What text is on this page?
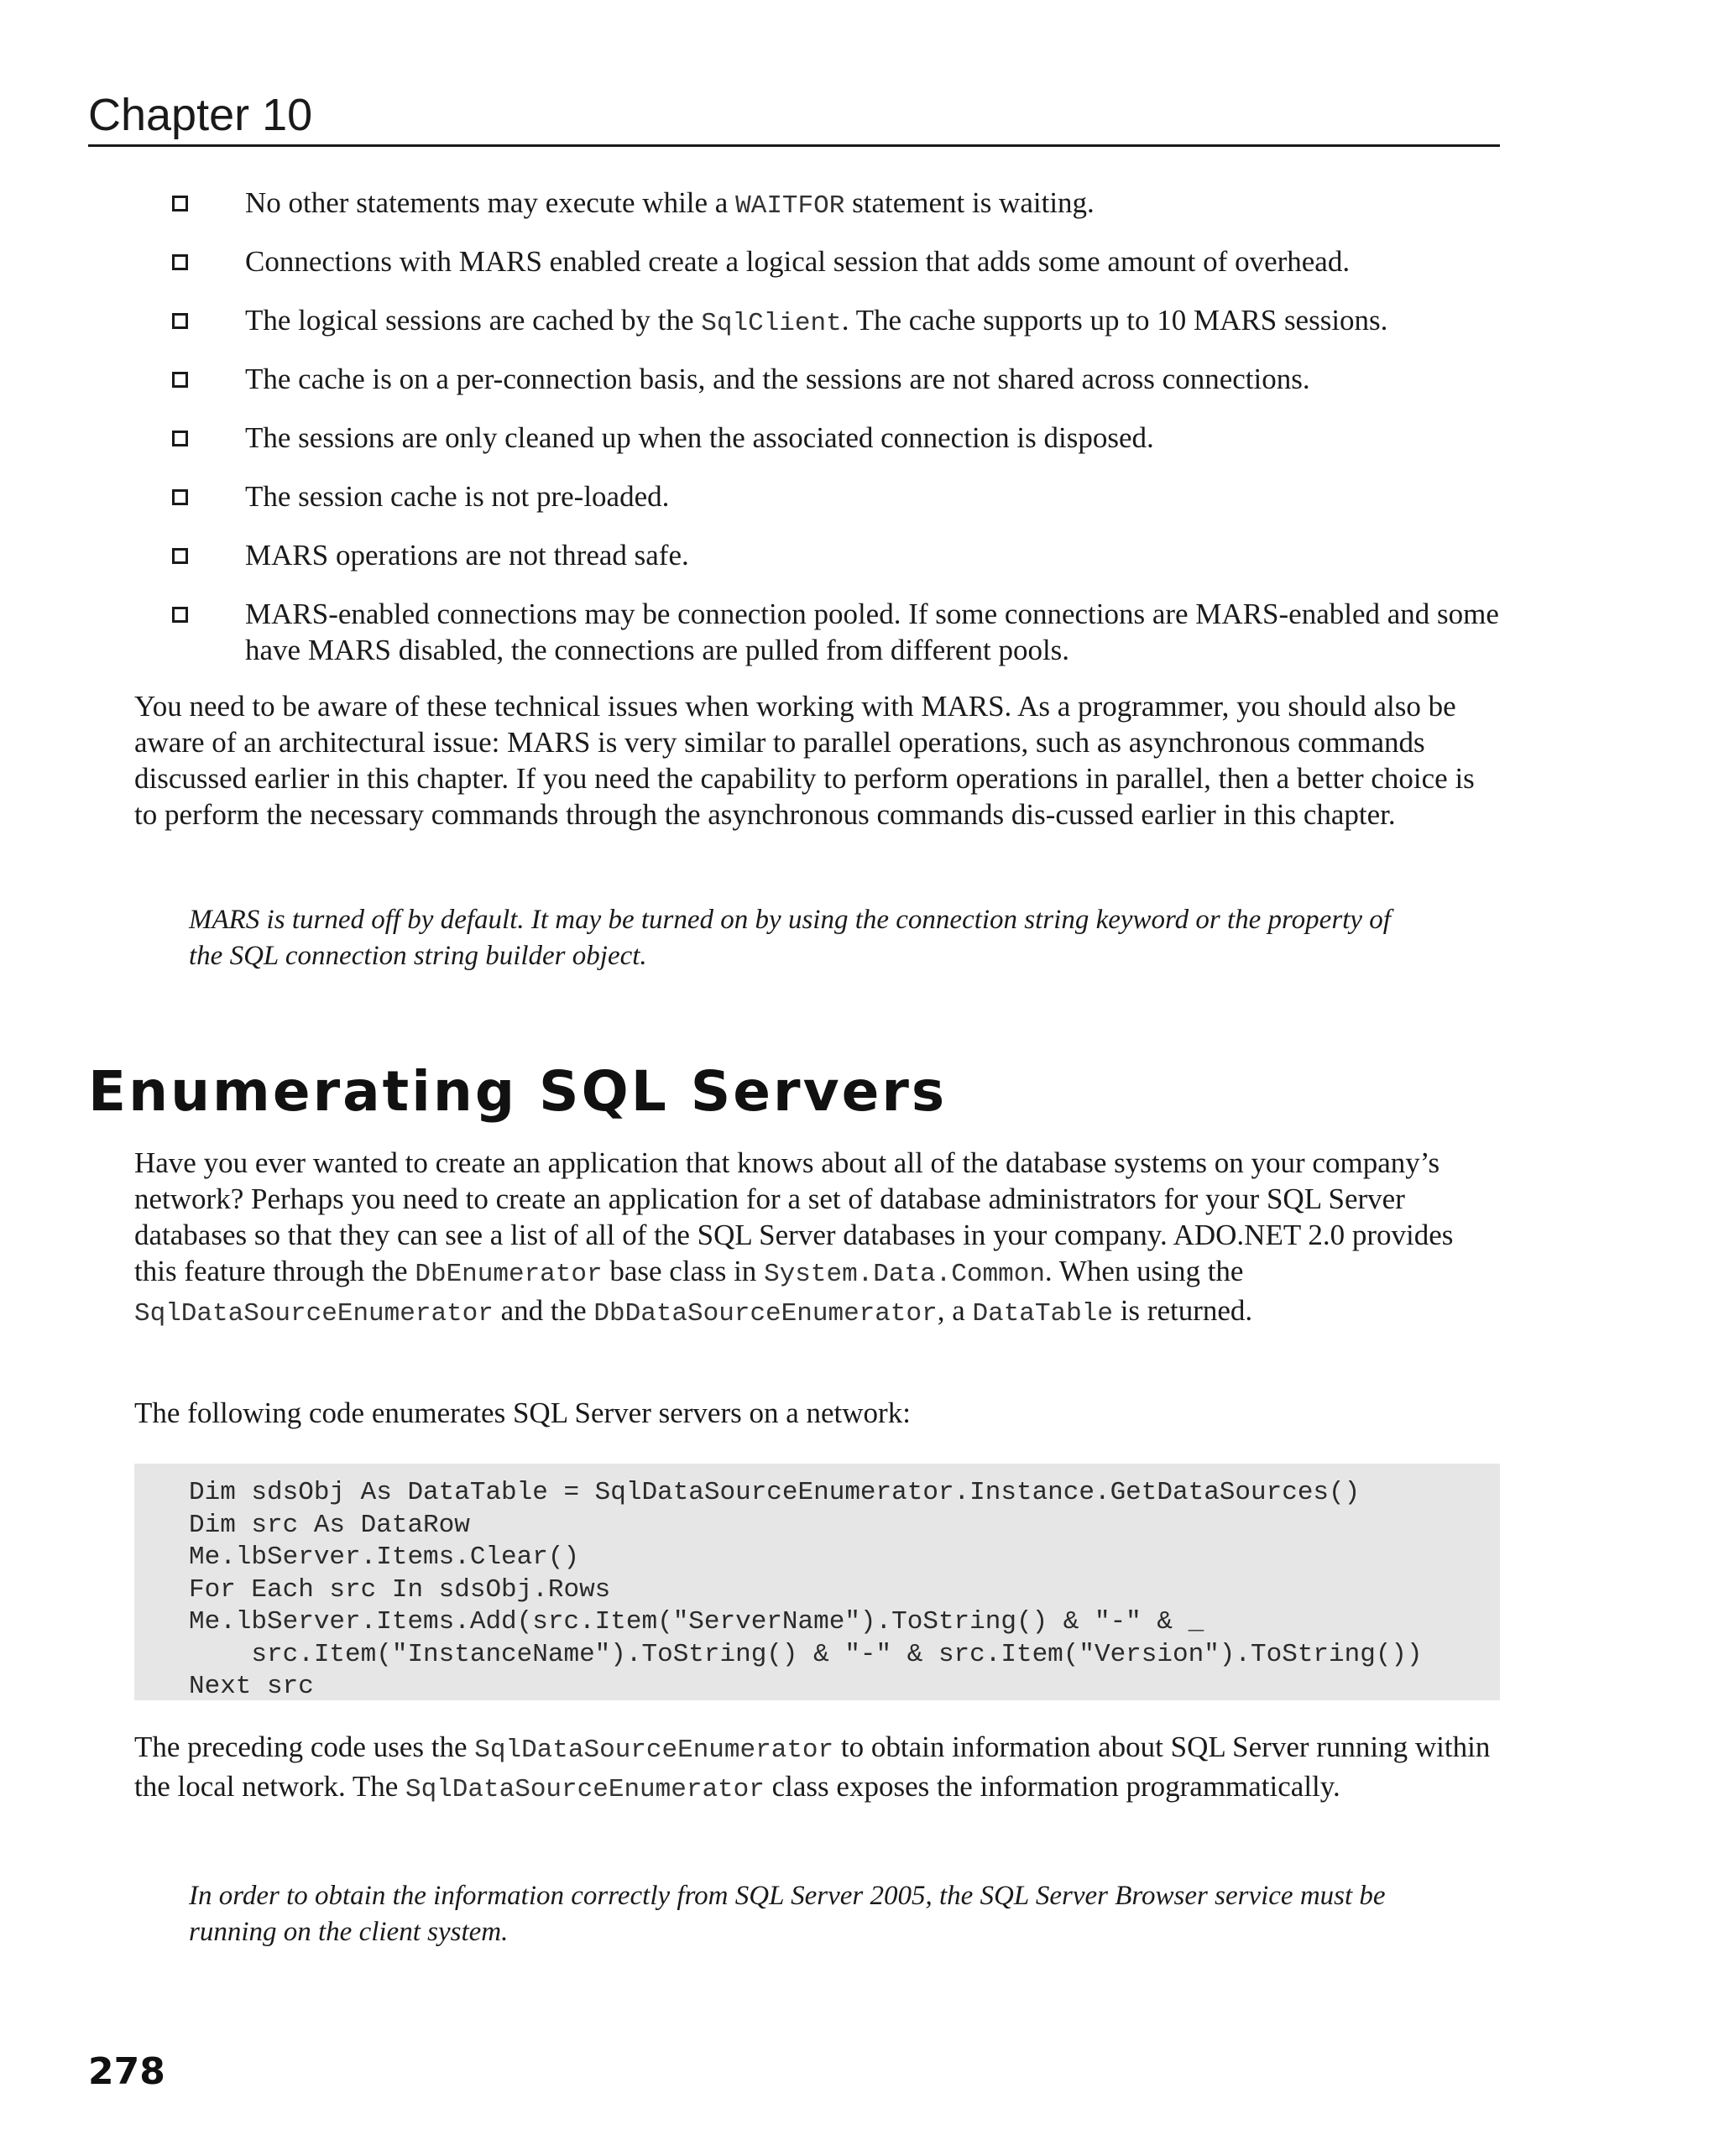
Chapter 10
No other statements may execute while a WAITFOR statement is waiting.
Connections with MARS enabled create a logical session that adds some amount of overhead.
The logical sessions are cached by the SqlClient. The cache supports up to 10 MARS sessions.
The cache is on a per-connection basis, and the sessions are not shared across connections.
The sessions are only cleaned up when the associated connection is disposed.
The session cache is not pre-loaded.
MARS operations are not thread safe.
MARS-enabled connections may be connection pooled. If some connections are MARS-enabled and some have MARS disabled, the connections are pulled from different pools.

You need to be aware of these technical issues when working with MARS. As a programmer, you should also be aware of an architectural issue: MARS is very similar to parallel operations, such as asynchronous commands discussed earlier in this chapter. If you need the capability to perform operations in parallel, then a better choice is to perform the necessary commands through the asynchronous commands dis-cussed earlier in this chapter.

MARS is turned off by default. It may be turned on by using the connection string keyword or the property of the SQL connection string builder object.

Enumerating SQL Servers

Have you ever wanted to create an application that knows about all of the database systems on your company’s network? Perhaps you need to create an application for a set of database administrators for your SQL Server databases so that they can see a list of all of the SQL Server databases in your company. ADO.NET 2.0 provides this feature through the DbEnumerator base class in System.Data.Common. When using the SqlDataSourceEnumerator and the DbDataSourceEnumerator, a DataTable is returned.

The following code enumerates SQL Server servers on a network:

Dim sdsObj As DataTable = SqlDataSourceEnumerator.Instance.GetDataSources()
Dim src As DataRow
Me.lbServer.Items.Clear()
For Each src In sdsObj.Rows
Me.lbServer.Items.Add(src.Item("ServerName").ToString() & "-" & _
src.Item("InstanceName").ToString() & "-" & src.Item("Version").ToString())
Next src

The preceding code uses the SqlDataSourceEnumerator to obtain information about SQL Server running within the local network. The SqlDataSourceEnumerator class exposes the information programmatically.

In order to obtain the information correctly from SQL Server 2005, the SQL Server Browser service must be running on the client system.

278
